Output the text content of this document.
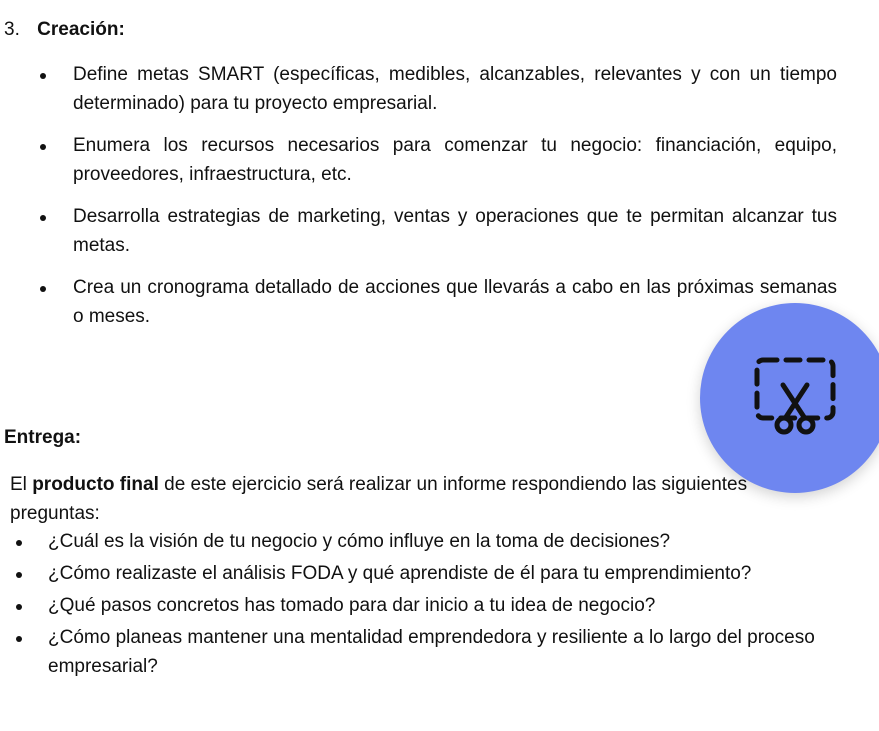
3. Creación:
Define metas SMART (específicas, medibles, alcanzables, relevantes y con un tiempo determinado) para tu proyecto empresarial.
Enumera los recursos necesarios para comenzar tu negocio: financiación, equipo, proveedores, infraestructura, etc.
Desarrolla estrategias de marketing, ventas y operaciones que te permitan alcanzar tus metas.
Crea un cronograma detallado de acciones que llevarás a cabo en las próximas semanas o meses.
Entrega:

El producto final de este ejercicio será realizar un informe respondiendo las siguientes preguntas:

¿Cuál es la visión de tu negocio y cómo influye en la toma de decisiones?
¿Cómo realizaste el análisis FODA y qué aprendiste de él para tu emprendimiento?
¿Qué pasos concretos has tomado para dar inicio a tu idea de negocio?
¿Cómo planeas mantener una mentalidad emprendedora y resiliente a lo largo del proceso empresarial?
